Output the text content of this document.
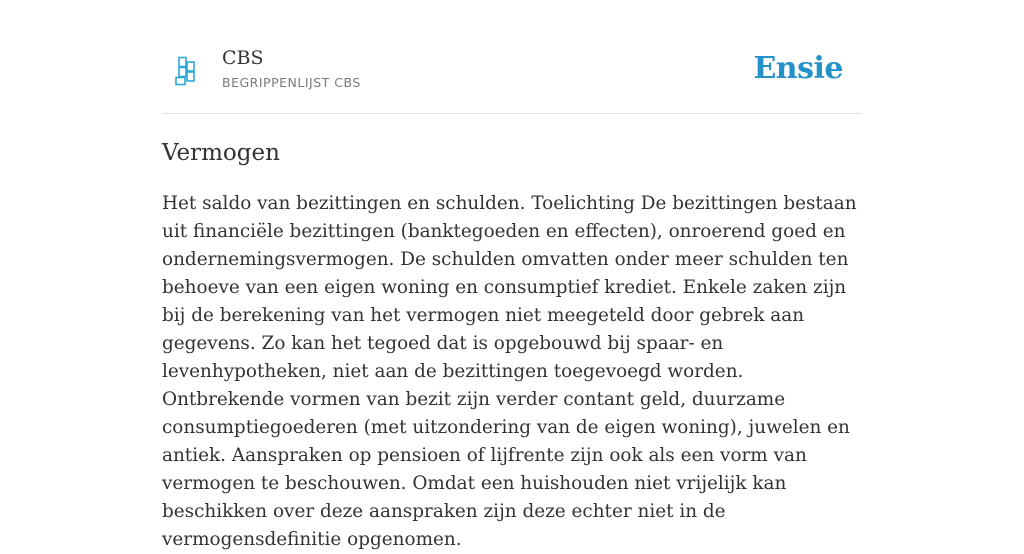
CBS
BEGRIPPENLIJST CBS	Ensie
Vermogen

Het saldo van bezittingen en schulden. Toelichting De bezittingen bestaan uit financiële bezittingen (banktegoeden en effecten), onroerend goed en ondernemingsvermogen. De schulden omvatten onder meer schulden ten behoeve van een eigen woning en consumptief krediet. Enkele zaken zijn bij de berekening van het vermogen niet meegeteld door gebrek aan gegevens. Zo kan het tegoed dat is opgebouwd bij spaar- en levenhypotheken, niet aan de bezittingen toegevoegd worden. Ontbrekende vormen van bezit zijn verder contant geld, duurzame consumptiegoederen (met uitzondering van de eigen woning), juwelen en antiek. Aanspraken op pensioen of lijfrente zijn ook als een vorm van vermogen te beschouwen. Omdat een huishouden niet vrijelijk kan beschikken over deze aanspraken zijn deze echter niet in de vermogensdefinitie opgenomen.
